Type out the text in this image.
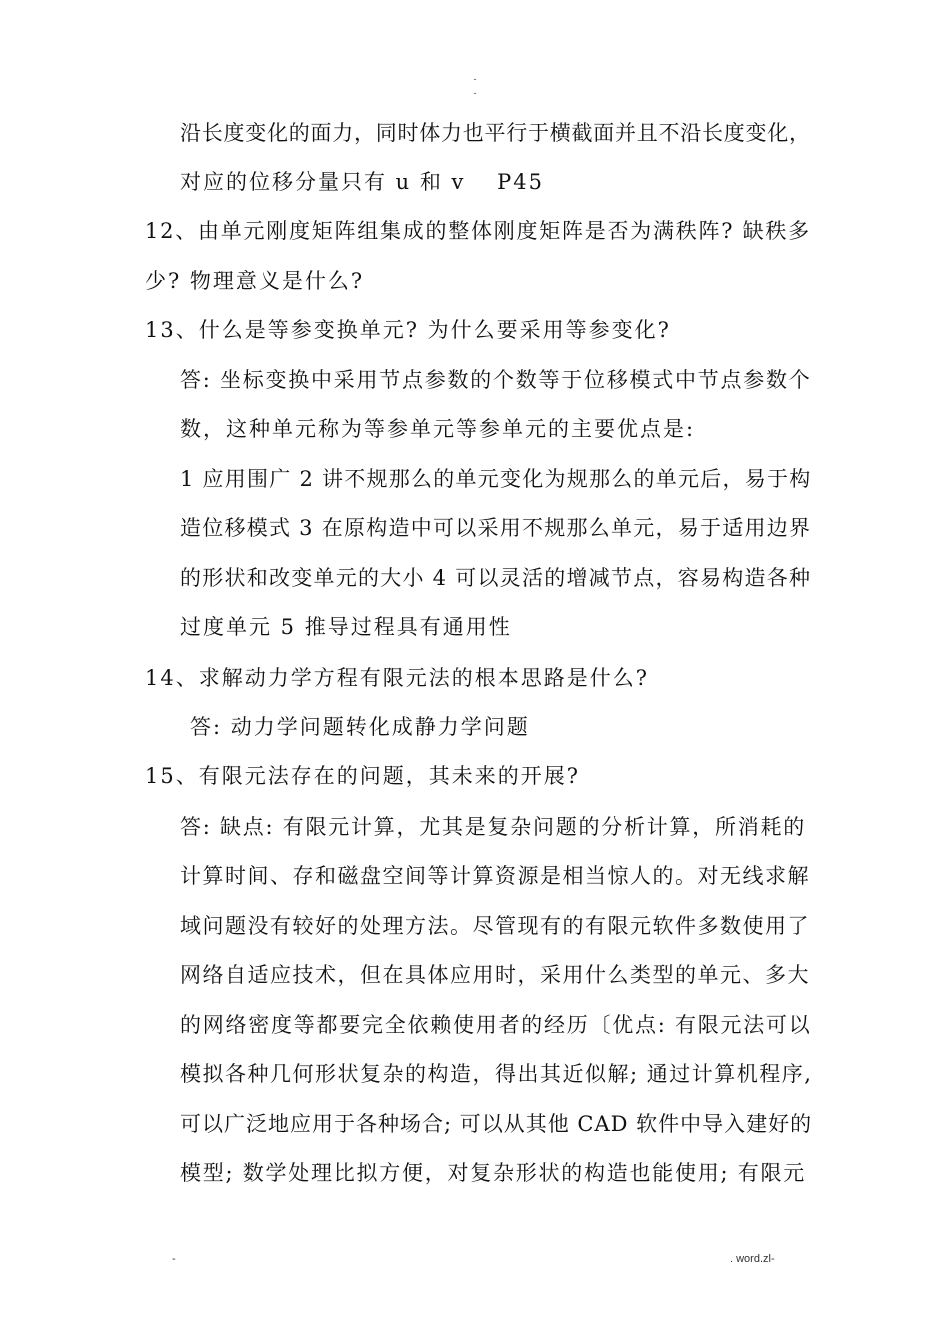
-
-
沿长度变化的面力，同时体力也平行于横截面并且不沿长度变化，
对应的位移分量只有 u 和 v　 P45
12、由单元刚度矩阵组集成的整体刚度矩阵是否为满秩阵? 缺秩多
少? 物理意义是什么?
13、什么是等参变换单元? 为什么要采用等参变化?
答: 坐标变换中采用节点参数的个数等于位移模式中节点参数个
数，这种单元称为等参单元等参单元的主要优点是:
1 应用围广 2 讲不规那么的单元变化为规那么的单元后，易于构
造位移模式 3 在原构造中可以采用不规那么单元，易于适用边界
的形状和改变单元的大小 4 可以灵活的增减节点，容易构造各种
过度单元 5 推导过程具有通用性
14、求解动力学方程有限元法的根本思路是什么?
答: 动力学问题转化成静力学问题
15、有限元法存在的问题，其未来的开展?
答: 缺点: 有限元计算，尤其是复杂问题的分析计算，所消耗的
计算时间、存和磁盘空间等计算资源是相当惊人的。对无线求解
域问题没有较好的处理方法。尽管现有的有限元软件多数使用了
网络自适应技术，但在具体应用时，采用什么类型的单元、多大
的网络密度等都要完全依赖使用者的经历〔优点: 有限元法可以
模拟各种几何形状复杂的构造，得出其近似解; 通过计算机程序,
可以广泛地应用于各种场合; 可以从其他 CAD 软件中导入建好的
模型; 数学处理比拟方便，对复杂形状的构造也能使用; 有限元
-	. word.zl-
